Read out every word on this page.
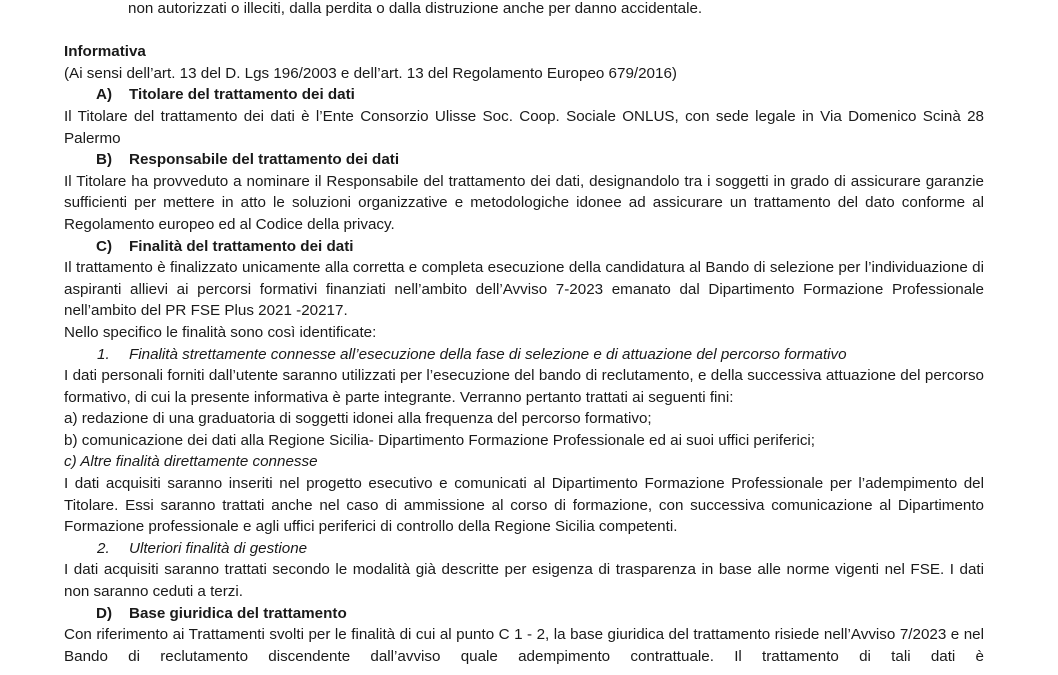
non autorizzati o illeciti, dalla perdita o dalla distruzione anche per danno accidentale.

Informativa

(Ai sensi dell’art. 13 del D. Lgs 196/2003 e dell’art. 13 del Regolamento Europeo 679/2016)

A)	Titolare del trattamento dei dati

Il Titolare del trattamento dei dati è l’Ente Consorzio Ulisse Soc. Coop. Sociale ONLUS, con sede legale in Via Domenico Scinà 28 Palermo

B)	Responsabile del trattamento dei dati

Il Titolare ha provveduto a nominare il Responsabile del trattamento dei dati, designandolo tra i soggetti in grado di assicurare garanzie sufficienti per mettere in atto le soluzioni organizzative e metodologiche idonee ad assicurare un trattamento del dato conforme al Regolamento europeo ed al Codice della privacy.

C)	Finalità del trattamento dei dati

Il trattamento è finalizzato unicamente alla corretta e completa esecuzione della candidatura al Bando di selezione per l’individuazione di aspiranti allievi ai percorsi formativi finanziati nell’ambito dell’Avviso 7-2023 emanato dal Dipartimento Formazione Professionale nell’ambito del PR FSE Plus 2021 -20217.

Nello specifico le finalità sono così identificate:

1.	Finalità strettamente connesse all’esecuzione della fase di selezione e di attuazione del percorso formativo

I dati personali forniti dall’utente saranno utilizzati per l’esecuzione del bando di reclutamento, e della successiva attuazione del percorso formativo, di cui la presente informativa è parte integrante. Verranno pertanto trattati ai seguenti fini:

a) redazione di una graduatoria di soggetti idonei alla frequenza del percorso formativo;

b) comunicazione dei dati alla Regione Sicilia- Dipartimento Formazione Professionale ed ai suoi uffici periferici;

c) Altre finalità direttamente connesse

I dati acquisiti saranno inseriti nel progetto esecutivo e comunicati al Dipartimento Formazione Professionale per l’adempimento del Titolare. Essi saranno trattati anche nel caso di ammissione al corso di formazione, con successiva comunicazione al Dipartimento Formazione professionale e agli uffici periferici di controllo della Regione Sicilia competenti.

2.	Ulteriori finalità di gestione

I dati acquisiti saranno trattati secondo le modalità già descritte per esigenza di trasparenza in base alle norme vigenti nel FSE. I dati non saranno ceduti a terzi.

D)	Base giuridica del trattamento

Con riferimento ai Trattamenti svolti per le finalità di cui al punto C 1 - 2, la base giuridica del trattamento risiede nell’Avviso 7/2023 e nel Bando di reclutamento discendente dall’avviso quale adempimento contrattuale. Il trattamento di tali dati è
